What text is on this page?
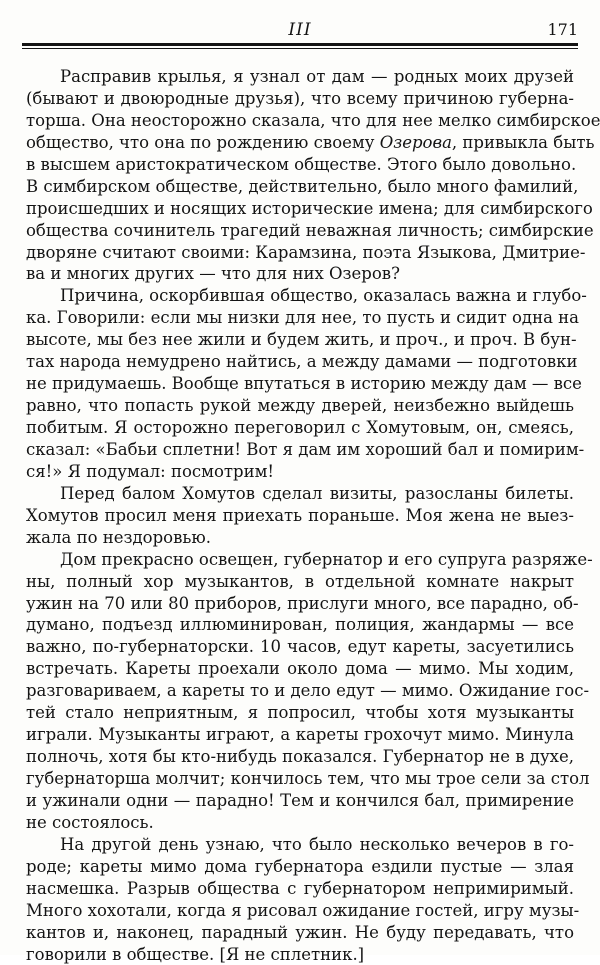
III	171
Расправив крылья, я узнал от дам — родных моих друзей
(бывают и двоюродные друзья), что всему причиною губерна-
торша. Она неосторожно сказала, что для нее мелко симбирское
общество, что она по рождению своему Озерова, привыкла быть
в высшем аристократическом обществе. Этого было довольно.
В симбирском обществе, действительно, было много фамилий,
происшедших и носящих исторические имена; для симбирского
общества сочинитель трагедий неважная личность; симбирские
дворяне считают своими: Карамзина, поэта Языкова, Дмитрие-
ва и многих других — что для них Озеров?
Причина, оскорбившая общество, оказалась важна и глубо-
ка. Говорили: если мы низки для нее, то пусть и сидит одна на
высоте, мы без нее жили и будем жить, и проч., и проч. В бун-
тах народа немудрено найтись, а между дамами — подготовки
не придумаешь. Вообще впутаться в историю между дам — все
равно, что попасть рукой между дверей, неизбежно выйдешь
побитым. Я осторожно переговорил с Хомутовым, он, смеясь,
сказал: «Бабьи сплетни! Вот я дам им хороший бал и помирим-
ся!» Я подумал: посмотрим!
Перед балом Хомутов сделал визиты, разосланы билеты.
Хомутов просил меня приехать пораньше. Моя жена не выез-
жала по нездоровью.
Дом прекрасно освещен, губернатор и его супруга разряже-
ны, полный хор музыкантов, в отдельной комнате накрыт
ужин на 70 или 80 приборов, прислуги много, все парадно, об-
думано, подъезд иллюминирован, полиция, жандармы — все
важно, по-губернаторски. 10 часов, едут кареты, засуетились
встречать. Кареты проехали около дома — мимо. Мы ходим,
разговариваем, а кареты то и дело едут — мимо. Ожидание гос-
тей стало неприятным, я попросил, чтобы хотя музыканты
играли. Музыканты играют, а кареты грохочут мимо. Минула
полночь, хотя бы кто-нибудь показался. Губернатор не в духе,
губернаторша молчит; кончилось тем, что мы трое сели за стол
и ужинали одни — парадно! Тем и кончился бал, примирение
не состоялось.
На другой день узнаю, что было несколько вечеров в го-
роде; кареты мимо дома губернатора ездили пустые — злая
насмешка. Разрыв общества с губернатором непримиримый.
Много хохотали, когда я рисовал ожидание гостей, игру музы-
кантов и, наконец, парадный ужин. Не буду передавать, что
говорили в обществе. [Я не сплетник.]
